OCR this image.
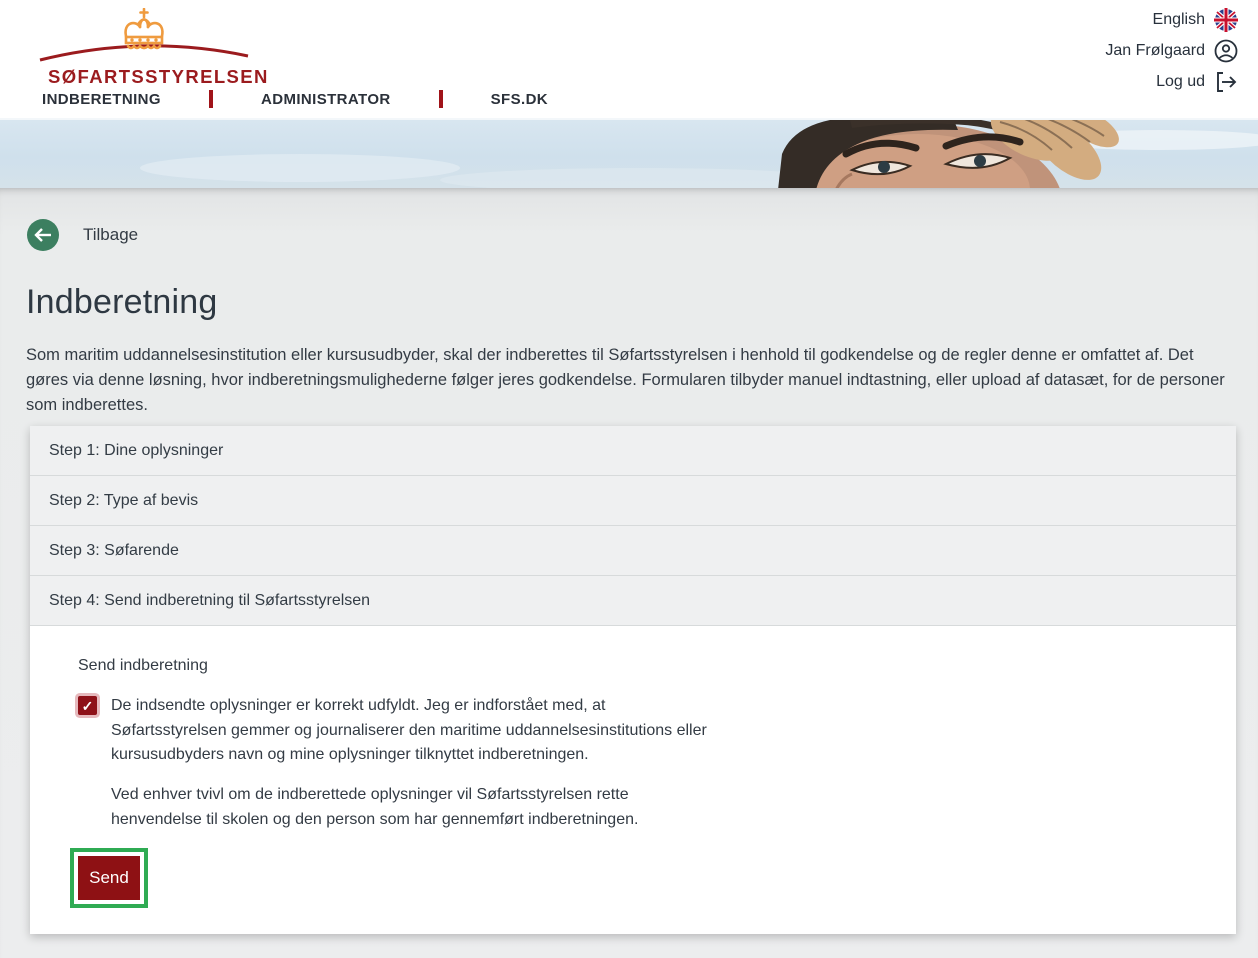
SØFARTSSTYRELSEN
INDBERETNING	ADMINISTRATOR	SFS.DK
English
Jan Frølgaard
Log ud
Tilbage
Indberetning

Som maritim uddannelsesinstitution eller kursusudbyder, skal der indberettes til Søfartsstyrelsen i henhold til godkendelse og de regler denne er omfattet af. Det gøres via denne løsning, hvor indberetningsmulighederne følger jeres godkendelse. Formularen tilbyder manuel indtastning, eller upload af datasæt, for de personer som indberettes.

Step 1: Dine oplysninger
Step 2: Type af bevis
Step 3: Søfarende
Step 4: Send indberetning til Søfartsstyrelsen
Send indberetning
✓ De indsendte oplysninger er korrekt udfyldt. Jeg er indforstået med, at Søfartsstyrelsen gemmer og journaliserer den maritime uddannelsesinstitutions eller kursusudbyders navn og mine oplysninger tilknyttet indberetningen.

Ved enhver tvivl om de indberettede oplysninger vil Søfartsstyrelsen rette henvendelse til skolen og den person som har gennemført indberetningen.

Send
